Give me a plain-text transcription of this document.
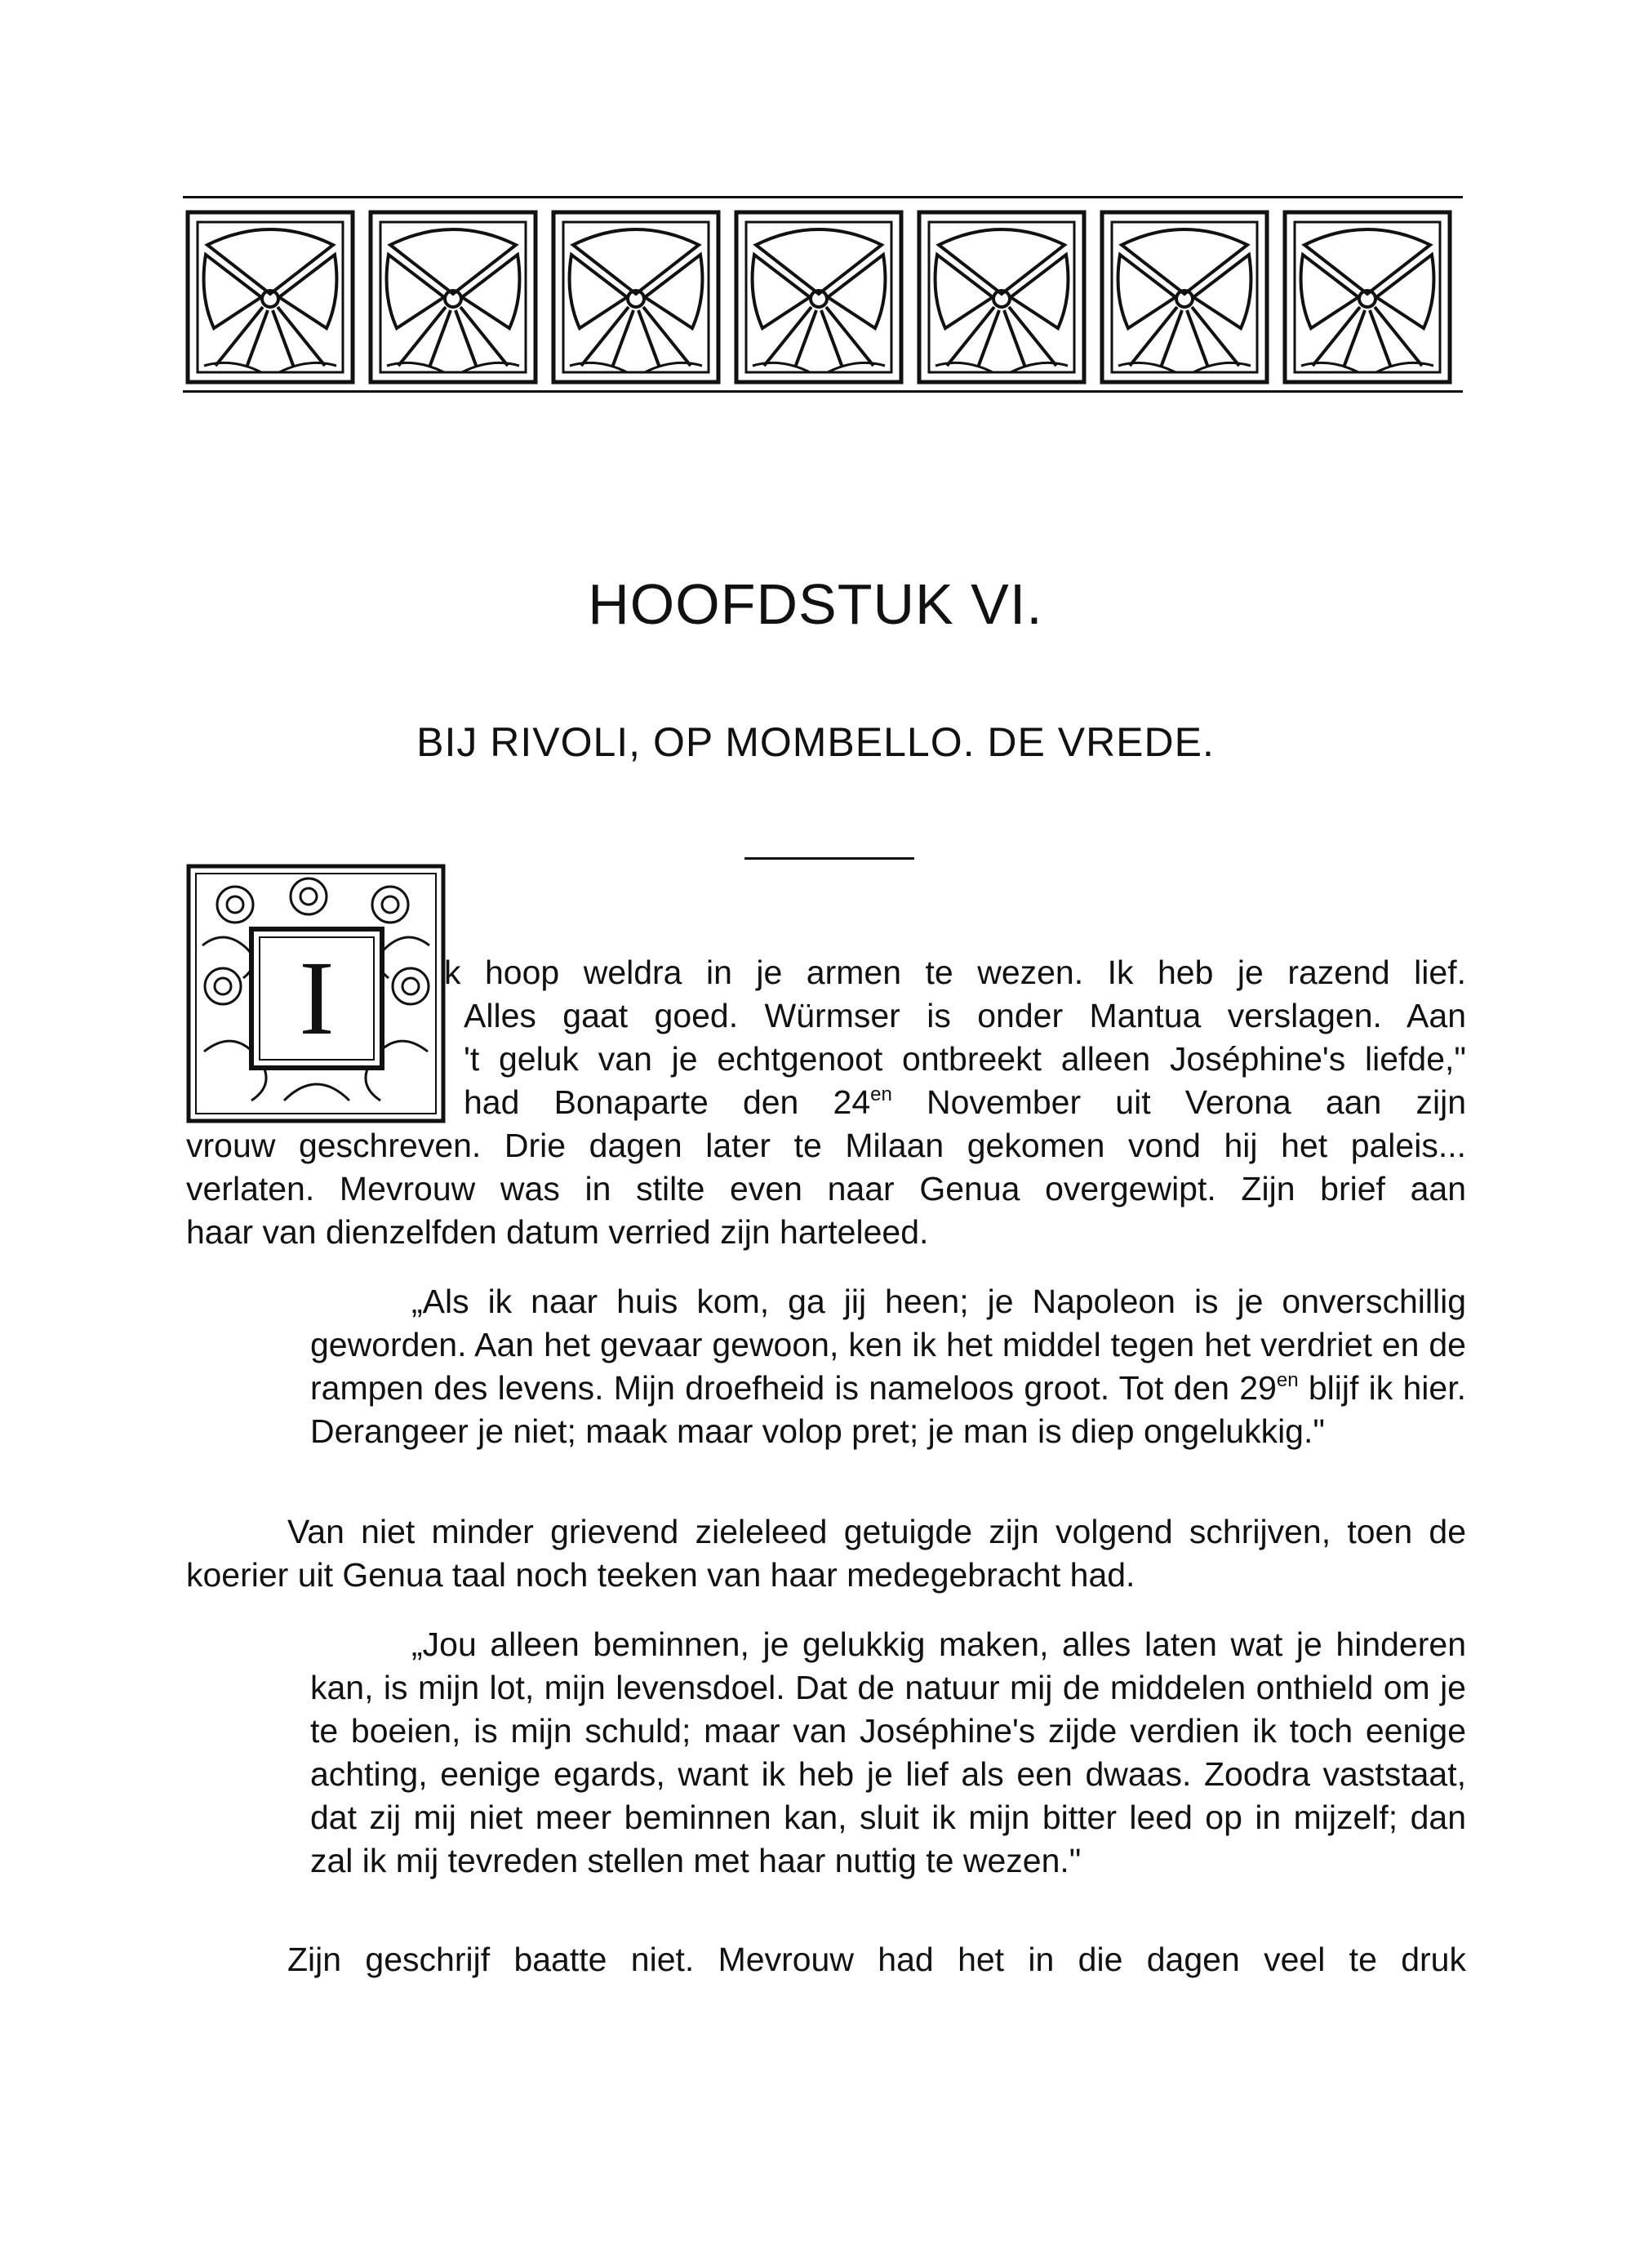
HOOFDSTUK VI.
BIJ RIVOLI, OP MOMBELLO. DE VREDE.
I	k hoop weldra in je armen te wezen. Ik heb je razend lief.
Alles gaat goed. Würmser is onder Mantua verslagen. Aan
't geluk van je echtgenoot ontbreekt alleen Joséphine's liefde,"
had Bonaparte den $24^{en}$ November uit Verona aan zijn
vrouw geschreven. Drie dagen later te Milaan gekomen vond hij het paleis...
verlaten. Mevrouw was in stilte even naar Genua overgewipt. Zijn brief aan
haar van dienzelfden datum verried zijn harteleed.
„Als ik naar huis kom, ga jij heen; je Napoleon is je onverschillig geworden. Aan het gevaar gewoon, ken ik het middel tegen het verdriet en de rampen des levens. Mijn droefheid is nameloos groot. Tot den $29^{en}$ blijf ik hier. Derangeer je niet; maak maar volop pret; je man is diep ongelukkig."
Van niet minder grievend zieleleed getuigde zijn volgend schrijven, toen de koerier uit Genua taal noch teeken van haar medegebracht had.
„Jou alleen beminnen, je gelukkig maken, alles laten wat je hinderen kan, is mijn lot, mijn levensdoel. Dat de natuur mij de middelen onthield om je te boeien, is mijn schuld; maar van Joséphine's zijde verdien ik toch eenige achting, eenige egards, want ik heb je lief als een dwaas. Zoodra vaststaat, dat zij mij niet meer beminnen kan, sluit ik mijn bitter leed op in mijzelf; dan zal ik mij tevreden stellen met haar nuttig te wezen."
Zijn geschrijf baatte niet. Mevrouw had het in die dagen veel te druk
